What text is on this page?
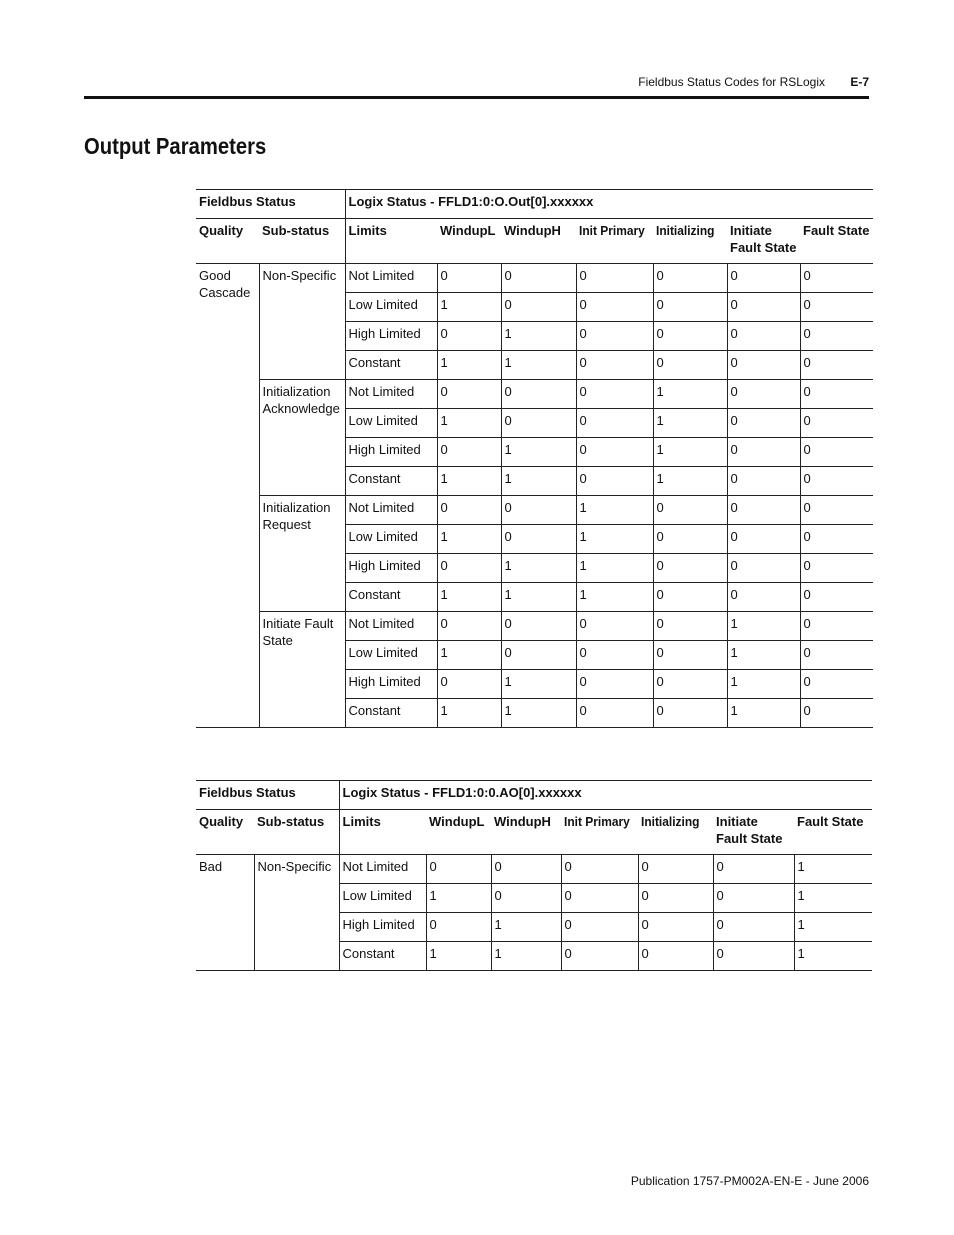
Fieldbus Status Codes for RSLogix E-7
Output Parameters
Fieldbus Status		Logix Status - FFLD1:0:O.Out[0].xxxxxx						
Quality	Sub-status	Limits	WindupL	WindupH	Init Primary	Initializing	Initiate Fault State	Fault State
Good Cascade	Non-Specific	Not Limited	0	0	0	0	0	0
		Low Limited	1	0	0	0	0	0
		High Limited	0	1	0	0	0	0
		Constant	1	1	0	0	0	0
	Initialization Acknowledge	Not Limited	0	0	0	1	0	0
		Low Limited	1	0	0	1	0	0
		High Limited	0	1	0	1	0	0
		Constant	1	1	0	1	0	0
	Initialization Request	Not Limited	0	0	1	0	0	0
		Low Limited	1	0	1	0	0	0
		High Limited	0	1	1	0	0	0
		Constant	1	1	1	0	0	0
	Initiate Fault State	Not Limited	0	0	0	0	1	0
		Low Limited	1	0	0	0	1	0
		High Limited	0	1	0	0	1	0
		Constant	1	1	0	0	1	0
Fieldbus Status		Logix Status - FFLD1:0:0.AO[0].xxxxxx						
Quality	Sub-status	Limits	WindupL	WindupH	Init Primary	Initializing	Initiate Fault State	Fault State
Bad	Non-Specific	Not Limited	0	0	0	0	0	1
		Low Limited	1	0	0	0	0	1
		High Limited	0	1	0	0	0	1
		Constant	1	1	0	0	0	1
Publication 1757-PM002A-EN-E - June 2006
